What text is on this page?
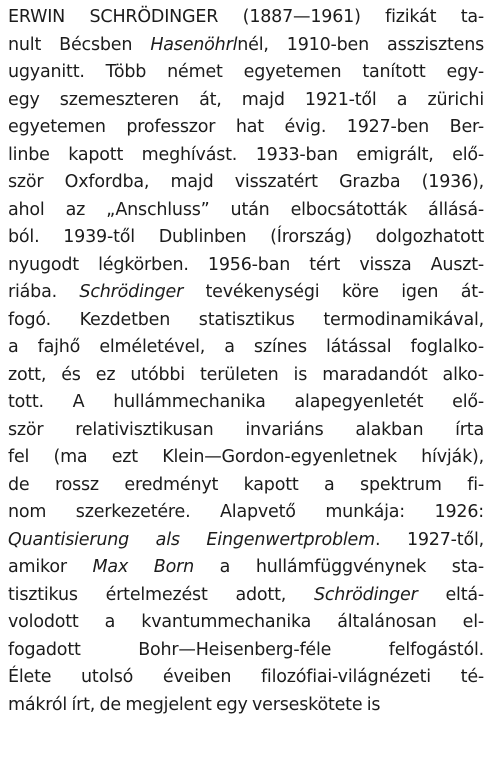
ERWIN SCHRÖDINGER (1887—1961) fizikát ta-
nult Bécsben Hasenöhrlnél, 1910-ben asszisztens
ugyanitt. Több német egyetemen tanított egy-
egy szemeszteren át, majd 1921-től a zürichi
egyetemen professzor hat évig. 1927-ben Ber-
linbe kapott meghívást. 1933-ban emigrált, elő-
ször Oxfordba, majd visszatért Grazba (1936),
ahol az „Anschluss” után elbocsátották állásá-
ból. 1939-től Dublinben (Írország) dolgozhatott
nyugodt légkörben. 1956-ban tért vissza Auszt-
riába. Schrödinger tevékenységi köre igen át-
fogó. Kezdetben statisztikus termodinamikával,
a fajhő elméletével, a színes látással foglalko-
zott, és ez utóbbi területen is maradandót alko-
tott. A hullámmechanika alapegyenletét elő-
ször relativisztikusan invariáns alakban írta
fel (ma ezt Klein—Gordon-egyenletnek hívják),
de rossz eredményt kapott a spektrum fi-
nom szerkezetére. Alapvető munkája: 1926:
Quantisierung als Eingenwertproblem. 1927-től,
amikor Max Born a hullámfüggvénynek sta-
tisztikus értelmezést adott, Schrödinger eltá-
volodott a kvantummechanika általánosan el-
fogadott Bohr—Heisenberg-féle felfogástól.
Élete utolsó éveiben filozófiai-világnézeti té-
mákról írt, de megjelent egy verseskötete is
